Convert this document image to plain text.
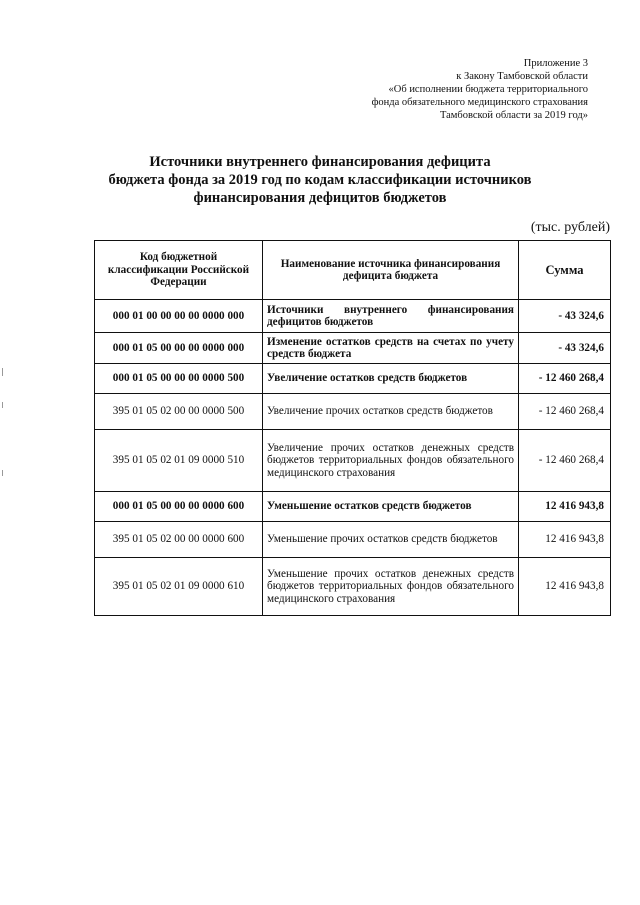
Приложение 3
к Закону Тамбовской области
«Об исполнении бюджета территориального
фонда обязательного медицинского страхования
Тамбовской области за 2019 год»
Источники внутреннего финансирования дефицита
бюджета фонда за 2019 год по кодам классификации источников
финансирования дефицитов бюджетов
(тыс. рублей)
Код бюджетной классификации Российской Федерации	Наименование источника финансирования дефицита бюджета	Сумма
000 01 00 00 00 00 0000 000	Источники внутреннего финансирования дефицитов бюджетов	- 43 324,6
000 01 05 00 00 00 0000 000	Изменение остатков средств на счетах по учету средств бюджета	- 43 324,6
000 01 05 00 00 00 0000 500	Увеличение остатков средств бюджетов	- 12 460 268,4
395 01 05 02 00 00 0000 500	Увеличение прочих остатков средств бюджетов	- 12 460 268,4
395 01 05 02 01 09 0000 510	Увеличение прочих остатков денежных средств бюджетов территориальных фондов обязательного медицинского страхования	- 12 460 268,4
000 01 05 00 00 00 0000 600	Уменьшение остатков средств бюджетов	12 416 943,8
395 01 05 02 00 00 0000 600	Уменьшение прочих остатков средств бюджетов	12 416 943,8
395 01 05 02 01 09 0000 610	Уменьшение прочих остатков денежных средств бюджетов территориальных фондов обязательного медицинского страхования	12 416 943,8
